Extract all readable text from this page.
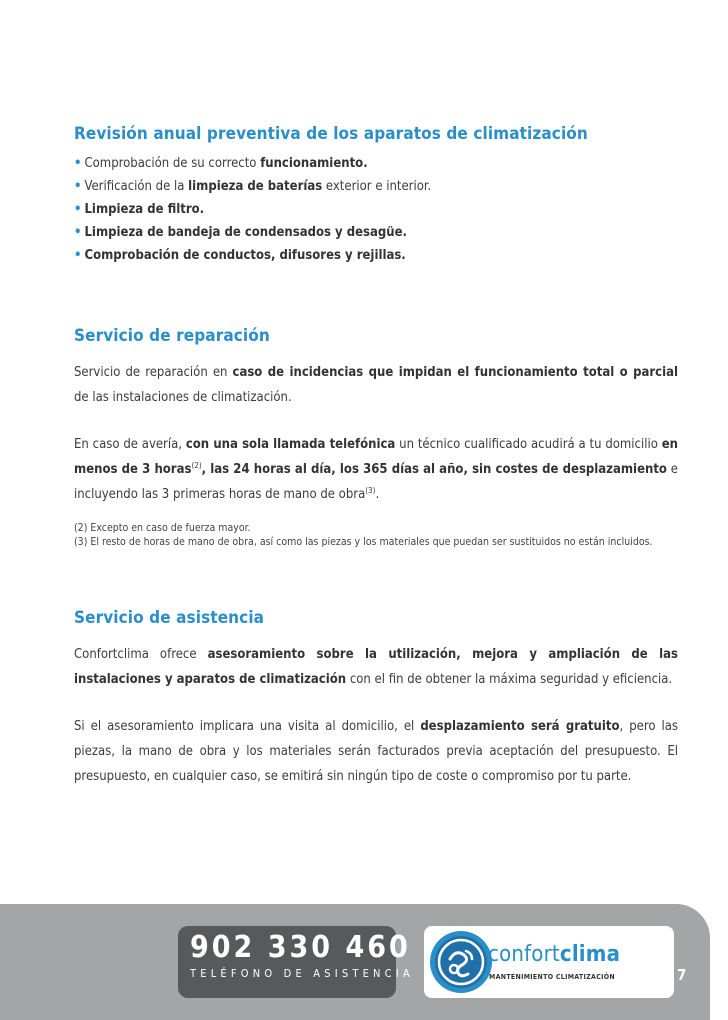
Revisión anual preventiva de los aparatos de climatización
• Comprobación de su correcto funcionamiento.
• Verificación de la limpieza de baterías exterior e interior.
• Limpieza de filtro.
• Limpieza de bandeja de condensados y desagüe.
• Comprobación de conductos, difusores y rejillas.
Servicio de reparación

Servicio de reparación en caso de incidencias que impidan el funcionamiento total o parcial de las instalaciones de climatización.

En caso de avería, con una sola llamada telefónica un técnico cualificado acudirá a tu domicilio en menos de 3 horas$^{(2)}$, las 24 horas al día, los 365 días al año, sin costes de desplazamiento e incluyendo las 3 primeras horas de mano de obra$^{(3)}$.

(2) Excepto en caso de fuerza mayor.
(3) El resto de horas de mano de obra, así como las piezas y los materiales que puedan ser sustituidos no están incluidos.
Servicio de asistencia

Confortclima ofrece asesoramiento sobre la utilización, mejora y ampliación de las instalaciones y aparatos de climatización con el fin de obtener la máxima seguridad y eficiencia.

Si el asesoramiento implicara una visita al domicilio, el desplazamiento será gratuito, pero las piezas, la mano de obra y los materiales serán facturados previa aceptación del presupuesto. El presupuesto, en cualquier caso, se emitirá sin ningún tipo de coste o compromiso por tu parte.

902 330 460
TELÉFONO DE ASISTENCIA
confortclima
MANTENIMIENTO CLIMATIZACIÓN	7
